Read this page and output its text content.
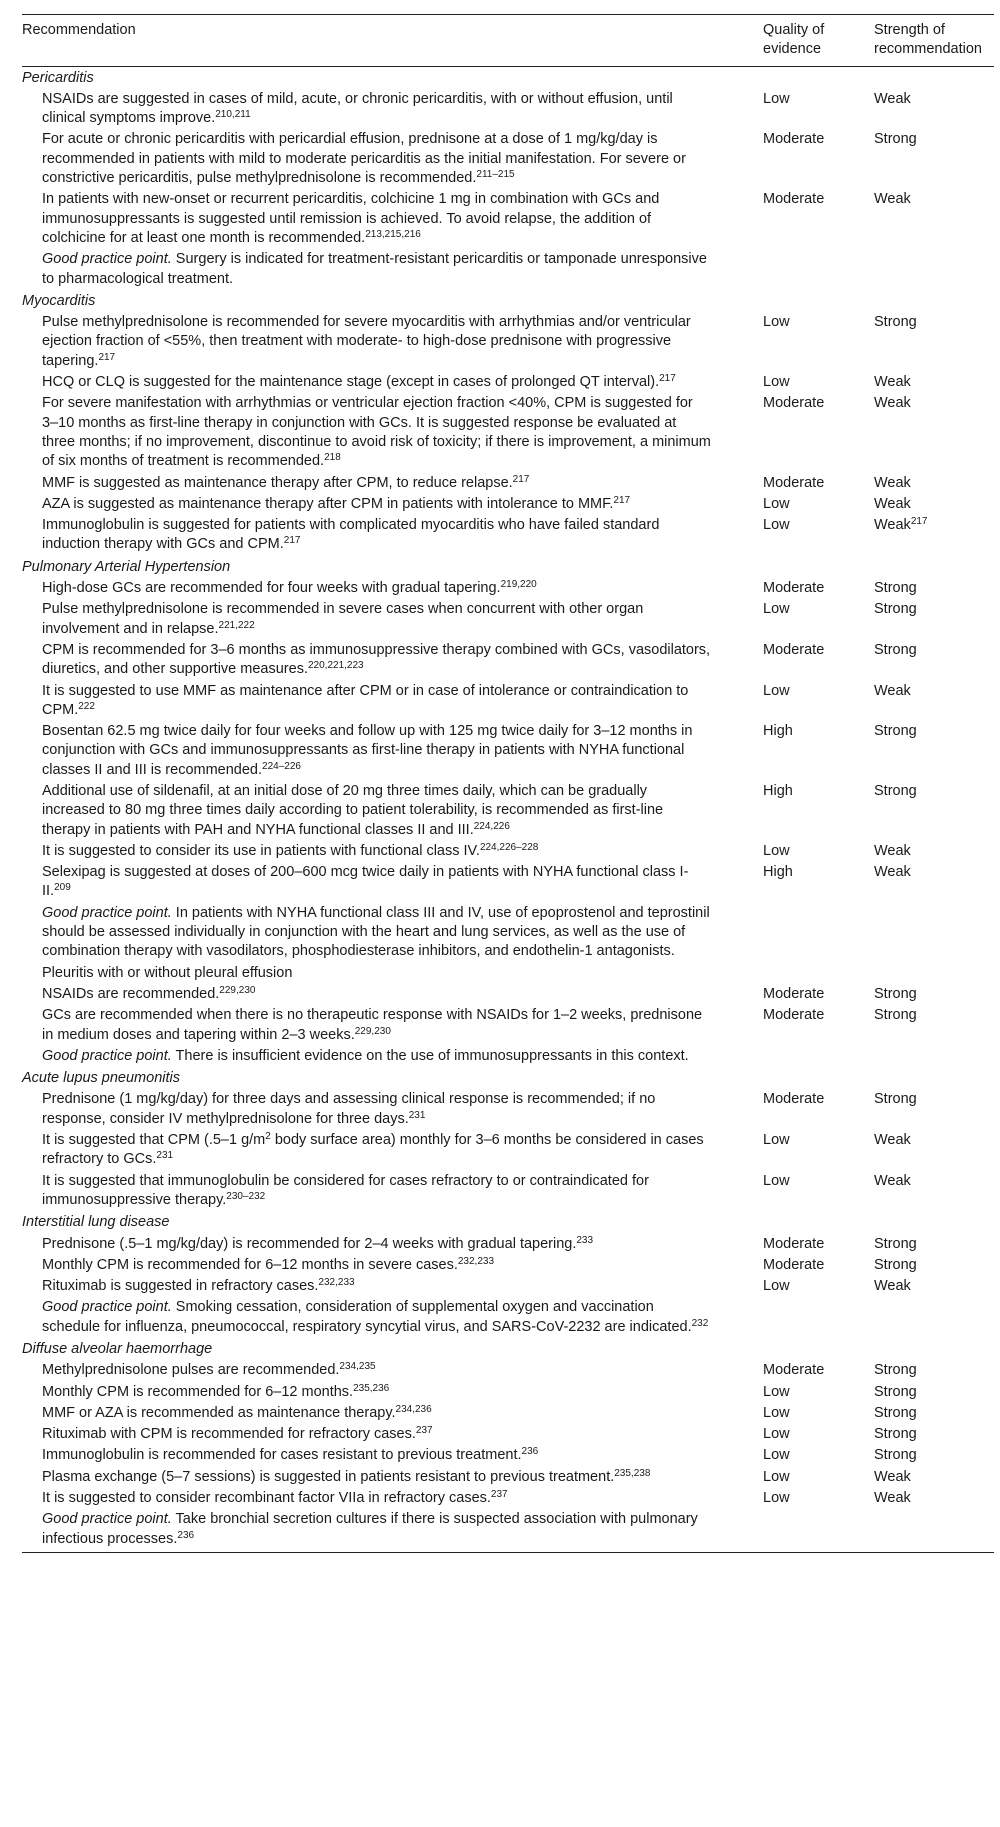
Recommendation	Quality of evidence	Strength of recommendation
Pericarditis		
NSAIDs are suggested in cases of mild, acute, or chronic pericarditis, with or without effusion, until clinical symptoms improve.$^{210,211}$	Low	Weak
For acute or chronic pericarditis with pericardial effusion, prednisone at a dose of 1 mg/kg/day is recommended in patients with mild to moderate pericarditis as the initial manifestation. For severe or constrictive pericarditis, pulse methylprednisolone is recommended.$^{211-215}$	Moderate	Strong
In patients with new-onset or recurrent pericarditis, colchicine 1 mg in combination with GCs and immunosuppressants is suggested until remission is achieved. To avoid relapse, the addition of colchicine for at least one month is recommended.$^{213,215,216}$	Moderate	Weak
Good practice point. Surgery is indicated for treatment-resistant pericarditis or tamponade unresponsive to pharmacological treatment.		
Myocarditis		
Pulse methylprednisolone is recommended for severe myocarditis with arrhythmias and/or ventricular ejection fraction of <55%, then treatment with moderate- to high-dose prednisone with progressive tapering.$^{217}$	Low	Strong
HCQ or CLQ is suggested for the maintenance stage (except in cases of prolonged QT interval).$^{217}$	Low	Weak
For severe manifestation with arrhythmias or ventricular ejection fraction <40%, CPM is suggested for 3–10 months as first-line therapy in conjunction with GCs. It is suggested response be evaluated at three months; if no improvement, discontinue to avoid risk of toxicity; if there is improvement, a minimum of six months of treatment is recommended.$^{218}$	Moderate	Weak
MMF is suggested as maintenance therapy after CPM, to reduce relapse.$^{217}$	Moderate	Weak
AZA is suggested as maintenance therapy after CPM in patients with intolerance to MMF.$^{217}$	Low	Weak
Immunoglobulin is suggested for patients with complicated myocarditis who have failed standard induction therapy with GCs and CPM.$^{217}$	Low	Weak$^{217}$
Pulmonary Arterial Hypertension		
High-dose GCs are recommended for four weeks with gradual tapering.$^{219,220}$	Moderate	Strong
Pulse methylprednisolone is recommended in severe cases when concurrent with other organ involvement and in relapse.$^{221,222}$	Low	Strong
CPM is recommended for 3–6 months as immunosuppressive therapy combined with GCs, vasodilators, diuretics, and other supportive measures.$^{220,221,223}$	Moderate	Strong
It is suggested to use MMF as maintenance after CPM or in case of intolerance or contraindication to CPM.$^{222}$	Low	Weak
Bosentan 62.5 mg twice daily for four weeks and follow up with 125 mg twice daily for 3–12 months in conjunction with GCs and immunosuppressants as first-line therapy in patients with NYHA functional classes II and III is recommended.$^{224-226}$	High	Strong
Additional use of sildenafil, at an initial dose of 20 mg three times daily, which can be gradually increased to 80 mg three times daily according to patient tolerability, is recommended as first-line therapy in patients with PAH and NYHA functional classes II and III.$^{224,226}$	High	Strong
It is suggested to consider its use in patients with functional class IV.$^{224,226-228}$	Low	Weak
Selexipag is suggested at doses of 200–600 mcg twice daily in patients with NYHA functional class I-II.$^{209}$	High	Weak
Good practice point. In patients with NYHA functional class III and IV, use of epoprostenol and teprostinil should be assessed individually in conjunction with the heart and lung services, as well as the use of combination therapy with vasodilators, phosphodiesterase inhibitors, and endothelin-1 antagonists.		
Pleuritis with or without pleural effusion		
NSAIDs are recommended.$^{229,230}$	Moderate	Strong
GCs are recommended when there is no therapeutic response with NSAIDs for 1–2 weeks, prednisone in medium doses and tapering within 2–3 weeks.$^{229,230}$	Moderate	Strong
Good practice point. There is insufficient evidence on the use of immunosuppressants in this context.		
Acute lupus pneumonitis		
Prednisone (1 mg/kg/day) for three days and assessing clinical response is recommended; if no response, consider IV methylprednisolone for three days.$^{231}$	Moderate	Strong
It is suggested that CPM (.5–1 $g/m^2$ body surface area) monthly for 3–6 months be considered in cases refractory to GCs.$^{231}$	Low	Weak
It is suggested that immunoglobulin be considered for cases refractory to or contraindicated for immunosuppressive therapy.$^{230-232}$	Low	Weak
Interstitial lung disease		
Prednisone (.5–1 mg/kg/day) is recommended for 2–4 weeks with gradual tapering.$^{233}$	Moderate	Strong
Monthly CPM is recommended for 6–12 months in severe cases.$^{232,233}$	Moderate	Strong
Rituximab is suggested in refractory cases.$^{232,233}$	Low	Weak
Good practice point. Smoking cessation, consideration of supplemental oxygen and vaccination schedule for influenza, pneumococcal, respiratory syncytial virus, and SARS-CoV-2232 are indicated.$^{232}$		
Diffuse alveolar haemorrhage		
Methylprednisolone pulses are recommended.$^{234,235}$	Moderate	Strong
Monthly CPM is recommended for 6–12 months.$^{235,236}$	Low	Strong
MMF or AZA is recommended as maintenance therapy.$^{234,236}$	Low	Strong
Rituximab with CPM is recommended for refractory cases.$^{237}$	Low	Strong
Immunoglobulin is recommended for cases resistant to previous treatment.$^{236}$	Low	Strong
Plasma exchange (5–7 sessions) is suggested in patients resistant to previous treatment.$^{235,238}$	Low	Weak
It is suggested to consider recombinant factor VIIa in refractory cases.$^{237}$	Low	Weak
Good practice point. Take bronchial secretion cultures if there is suspected association with pulmonary infectious processes.$^{236}$		
